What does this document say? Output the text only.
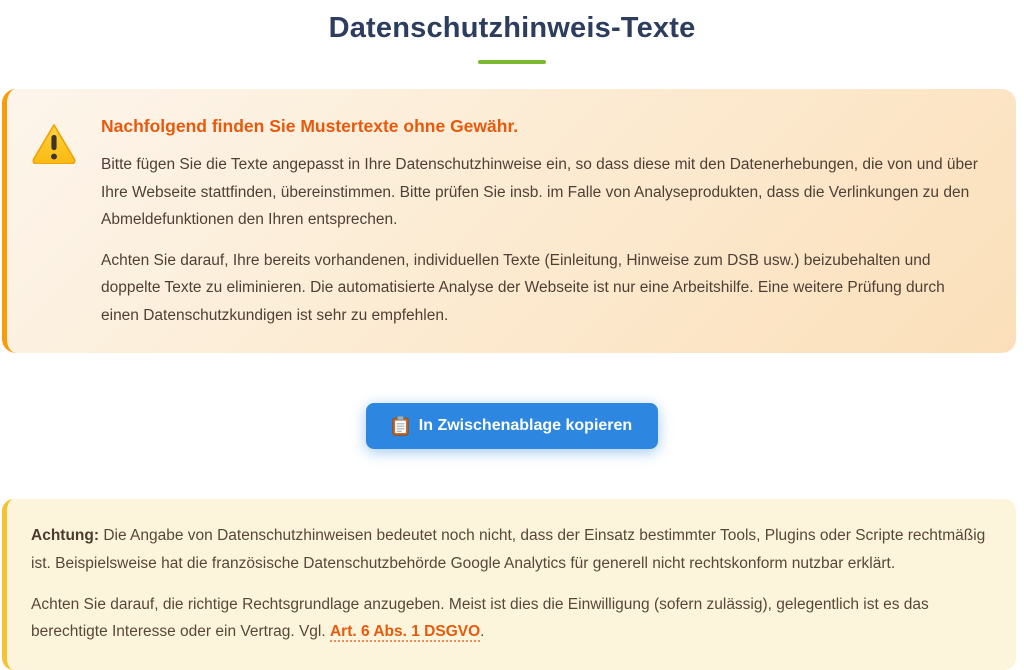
Datenschutzhinweis-Texte
Nachfolgend finden Sie Mustertexte ohne Gewähr.

Bitte fügen Sie die Texte angepasst in Ihre Datenschutzhinweise ein, so dass diese mit den Datenerhebungen, die von und über Ihre Webseite stattfinden, übereinstimmen. Bitte prüfen Sie insb. im Falle von Analyseprodukten, dass die Verlinkungen zu den Abmeldefunktionen den Ihren entsprechen.

Achten Sie darauf, Ihre bereits vorhandenen, individuellen Texte (Einleitung, Hinweise zum DSB usw.) beizubehalten und doppelte Texte zu eliminieren. Die automatisierte Analyse der Webseite ist nur eine Arbeitshilfe. Eine weitere Prüfung durch einen Datenschutzkundigen ist sehr zu empfehlen.

In Zwischenablage kopieren

Achtung: Die Angabe von Datenschutzhinweisen bedeutet noch nicht, dass der Einsatz bestimmter Tools, Plugins oder Scripte rechtmäßig ist. Beispielsweise hat die französische Datenschutzbehörde Google Analytics für generell nicht rechtskonform nutzbar erklärt.

Achten Sie darauf, die richtige Rechtsgrundlage anzugeben. Meist ist dies die Einwilligung (sofern zulässig), gelegentlich ist es das berechtigte Interesse oder ein Vertrag. Vgl. Art. 6 Abs. 1 DSGVO.
